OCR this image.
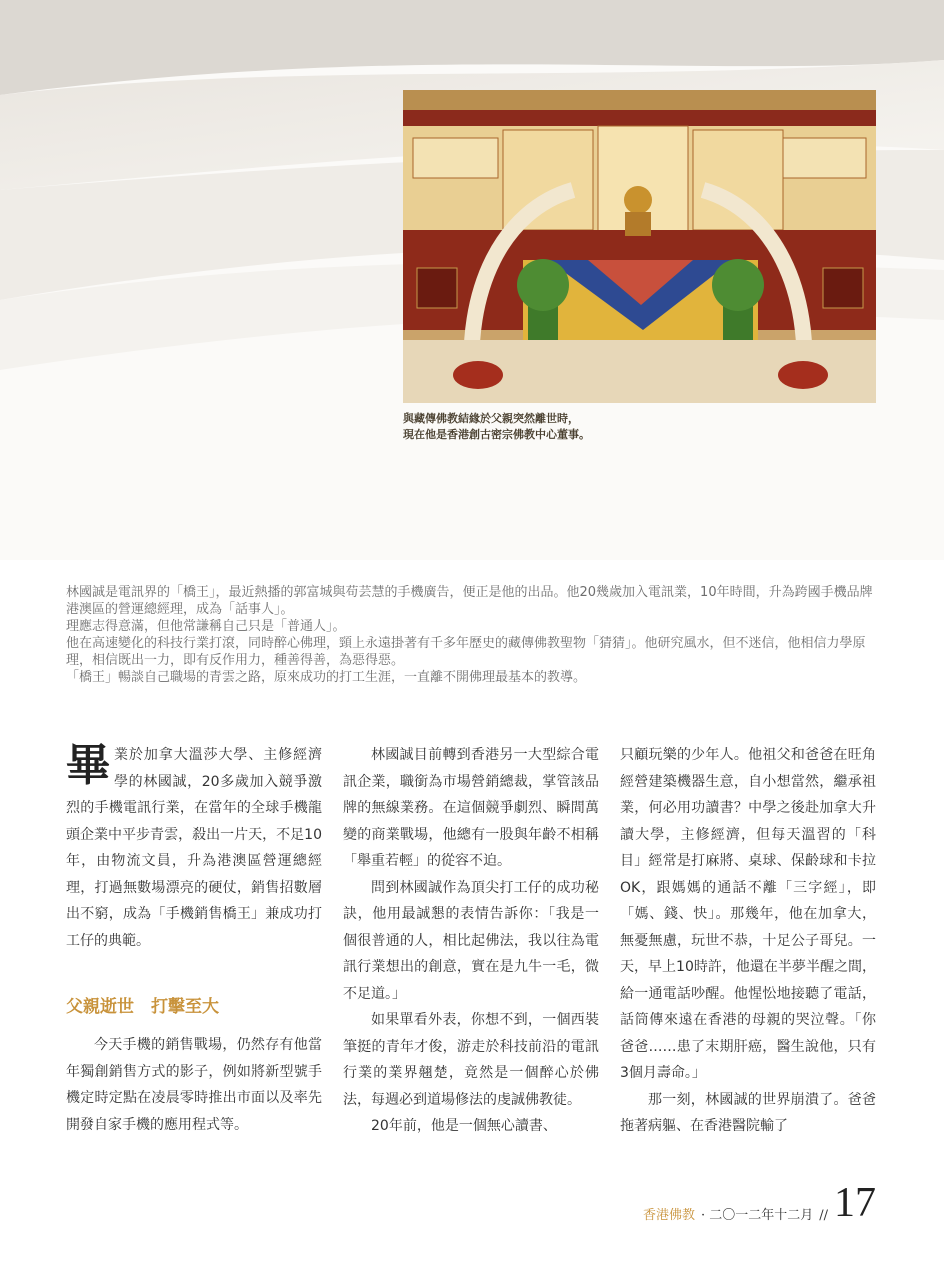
與藏傳佛教結緣於父親突然離世時，
現在他是香港創古密宗佛教中心董事。

林國誠是電訊界的「橋王」，最近熱播的郭富城與苟芸慧的手機廣告，便正是他的出品。他20幾歲加入電訊業，10年時間，升為跨國手機品牌港澳區的營運總經理，成為「話事人」。

理應志得意滿，但他常謙稱自己只是「普通人」。

他在高速變化的科技行業打滾，同時醉心佛理，頸上永遠掛著有千多年歷史的藏傳佛教聖物「猜猜」。他研究風水，但不迷信，他相信力學原理，相信既出一力，即有反作用力，種善得善，為惡得惡。

「橋王」暢談自己職場的青雲之路，原來成功的打工生涯，一直離不開佛理最基本的教導。

畢業於加拿大溫莎大學、主修經濟學的林國誠，20多歲加入競爭激烈的手機電訊行業，在當年的全球手機龍頭企業中平步青雲，殺出一片天，不足10年，由物流文員，升為港澳區營運總經理，打過無數場漂亮的硬仗，銷售招數層出不窮，成為「手機銷售橋王」兼成功打工仔的典範。

父親逝世　打擊至大

今天手機的銷售戰場，仍然存有他當年獨創銷售方式的影子，例如將新型號手機定時定點在凌晨零時推出市面以及率先開發自家手機的應用程式等。

林國誠目前轉到香港另一大型綜合電訊企業，職銜為市場營銷總裁，掌管該品牌的無線業務。在這個競爭劇烈、瞬間萬變的商業戰場，他總有一股與年齡不相稱「舉重若輕」的從容不迫。

問到林國誠作為頂尖打工仔的成功秘訣，他用最誠懇的表情告訴你：「我是一個很普通的人，相比起佛法，我以往為電訊行業想出的創意，實在是九牛一毛，微不足道。」

如果單看外表，你想不到，一個西裝筆挺的青年才俊，游走於科技前沿的電訊行業的業界翹楚，竟然是一個醉心於佛法，每週必到道場修法的虔誠佛教徒。

20年前，他是一個無心讀書、

只顧玩樂的少年人。他祖父和爸爸在旺角經營建築機器生意，自小想當然，繼承祖業，何必用功讀書？中學之後赴加拿大升讀大學，主修經濟，但每天溫習的「科目」經常是打麻將、桌球、保齡球和卡拉OK，跟媽媽的通話不離「三字經」，即「媽、錢、快」。那幾年，他在加拿大，無憂無慮，玩世不恭，十足公子哥兒。一天，早上10時許，他還在半夢半醒之間，給一通電話吵醒。他惺忪地接聽了電話，話筒傳來遠在香港的母親的哭泣聲。「你爸爸……患了末期肝癌，醫生說他，只有3個月壽命。」

那一刻，林國誠的世界崩潰了。爸爸拖著病軀、在香港醫院輸了

香港佛教 · 二〇一二年十二月 // 17
